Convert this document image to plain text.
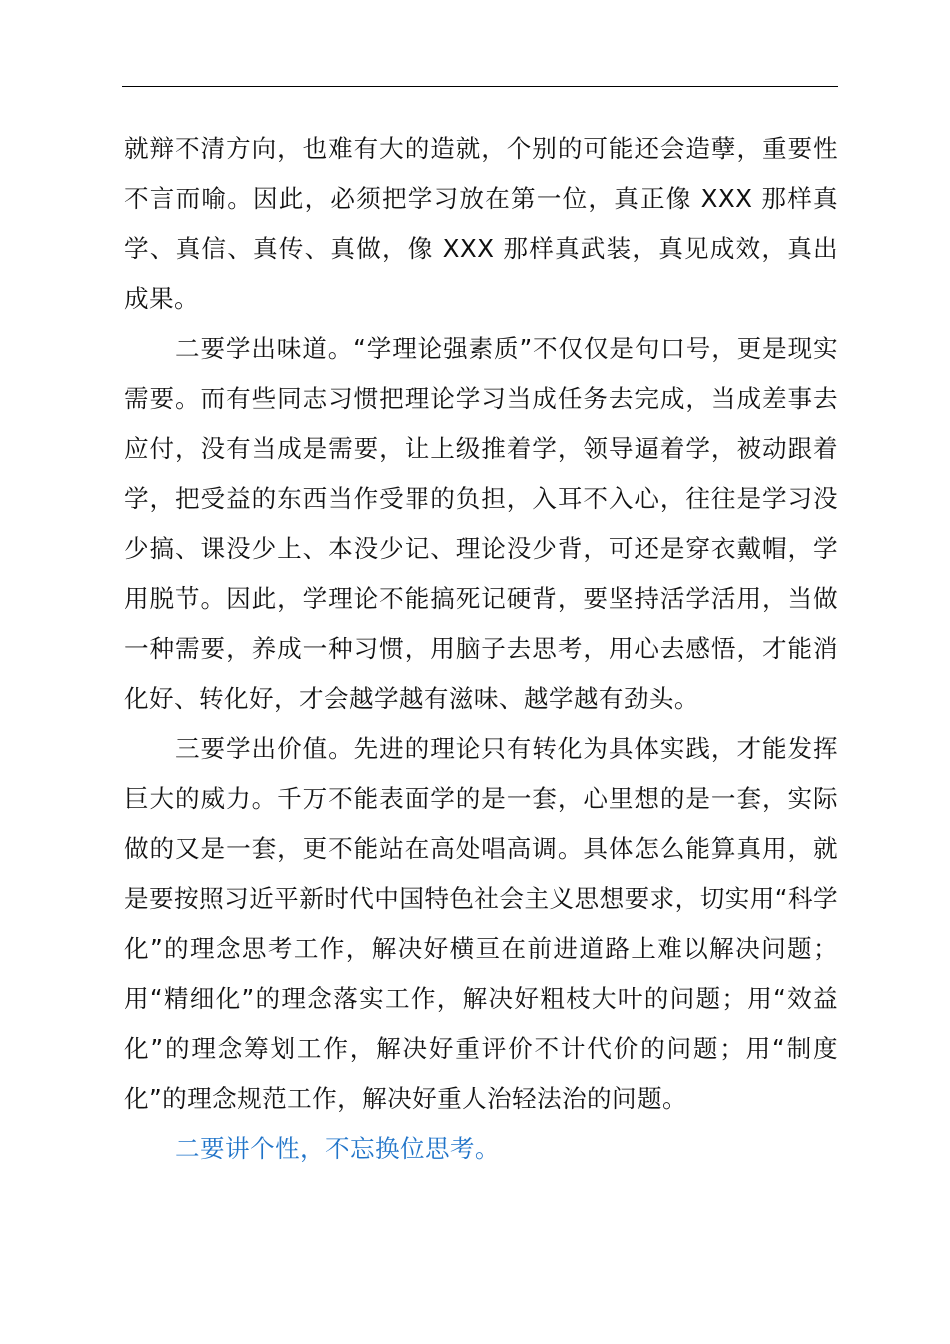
就辩不清方向，也难有大的造就，个别的可能还会造孽，重要性不言而喻。因此，必须把学习放在第一位，真正像 XXX 那样真学、真信、真传、真做，像 XXX 那样真武装，真见成效，真出成果。

二要学出味道。“学理论强素质”不仅仅是句口号，更是现实需要。而有些同志习惯把理论学习当成任务去完成，当成差事去应付，没有当成是需要，让上级推着学，领导逼着学，被动跟着学，把受益的东西当作受罪的负担，入耳不入心，往往是学习没少搞、课没少上、本没少记、理论没少背，可还是穿衣戴帽，学用脱节。因此，学理论不能搞死记硬背，要坚持活学活用，当做一种需要，养成一种习惯，用脑子去思考，用心去感悟，才能消化好、转化好，才会越学越有滋味、越学越有劲头。

三要学出价值。先进的理论只有转化为具体实践，才能发挥巨大的威力。千万不能表面学的是一套，心里想的是一套，实际做的又是一套，更不能站在高处唱高调。具体怎么能算真用，就是要按照习近平新时代中国特色社会主义思想要求，切实用“科学化”的理念思考工作，解决好横亘在前进道路上难以解决问题；用“精细化”的理念落实工作，解决好粗枝大叶的问题；用“效益化”的理念筹划工作，解决好重评价不计代价的问题；用“制度化”的理念规范工作，解决好重人治轻法治的问题。

二要讲个性，不忘换位思考。
